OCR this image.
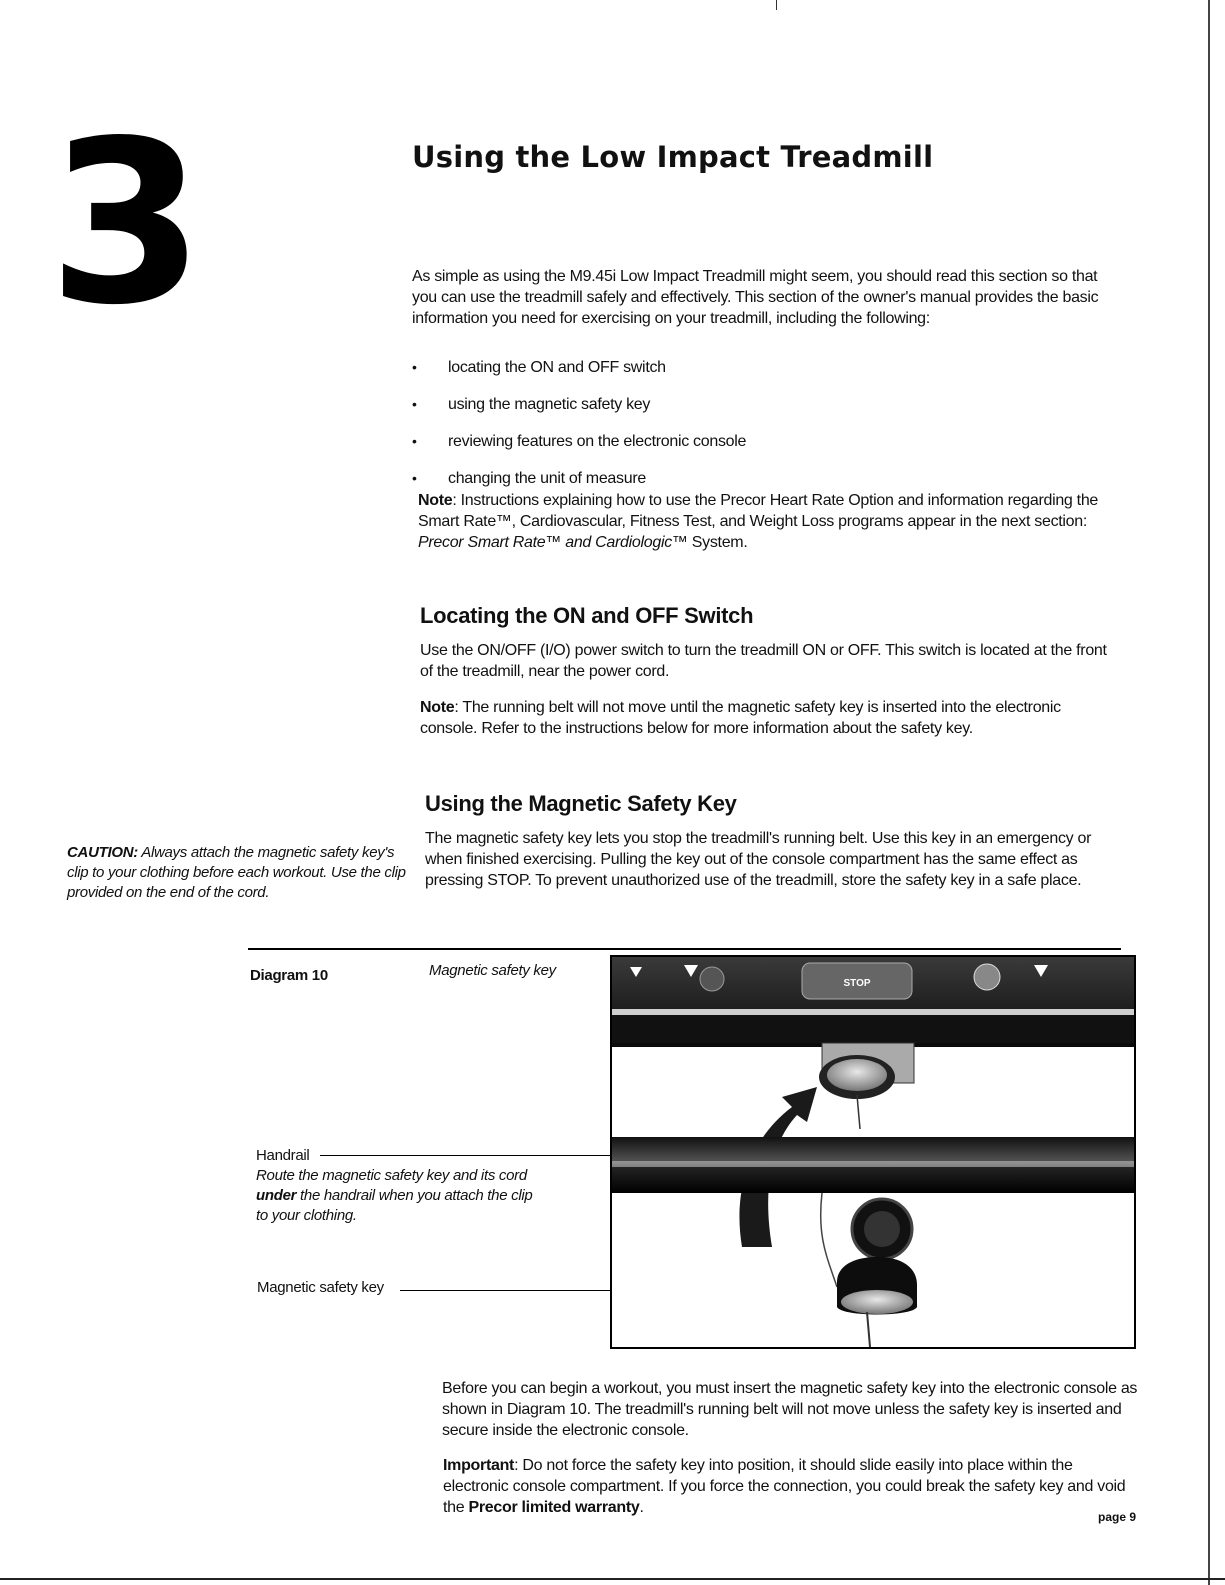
3	Using the Low Impact Treadmill

As simple as using the M9.45i Low Impact Treadmill might seem, you should read this section so that you can use the treadmill safely and effectively. This section of the owner's manual provides the basic information you need for exercising on your treadmill, including the following:

• locating the ON and OFF switch
• using the magnetic safety key
• reviewing features on the electronic console
• changing the unit of measure

Note: Instructions explaining how to use the Precor Heart Rate Option and information regarding the Smart Rate™, Cardiovascular, Fitness Test, and Weight Loss programs appear in the next section: Precor Smart Rate™ and Cardiologic™ System.

Locating the ON and OFF Switch

Use the ON/OFF (I/O) power switch to turn the treadmill ON or OFF. This switch is located at the front of the treadmill, near the power cord.

Note: The running belt will not move until the magnetic safety key is inserted into the electronic console. Refer to the instructions below for more information about the safety key.

Using the Magnetic Safety Key

The magnetic safety key lets you stop the treadmill's running belt. Use this key in an emergency or when finished exercising. Pulling the key out of the console compartment has the same effect as pressing STOP. To prevent unauthorized use of the treadmill, store the safety key in a safe place.

CAUTION: Always attach the magnetic safety key's clip to your clothing before each workout. Use the clip provided on the end of the cord.

Diagram 10	Magnetic safety key
STOP
Handrail
Route the magnetic safety key and its cord under the handrail when you attach the clip to your clothing.
Magnetic safety key

Before you can begin a workout, you must insert the magnetic safety key into the electronic console as shown in Diagram 10. The treadmill's running belt will not move unless the safety key is inserted and secure inside the electronic console.

Important: Do not force the safety key into position, it should slide easily into place within the electronic console compartment. If you force the connection, you could break the safety key and void the Precor limited warranty.

page 9
